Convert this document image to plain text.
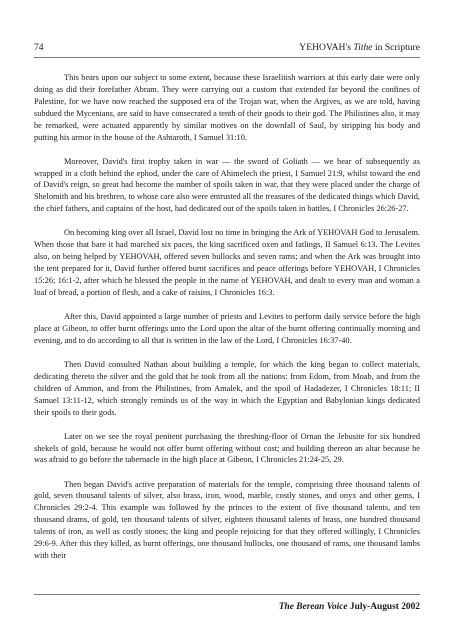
74	YEHOVAH's Tithe in Scripture

This bears upon our subject to some extent, because these Israelitish warriors at this early date were only doing as did their forefather Abram. They were carrying out a custom that extended far beyond the confines of Palestine, for we have now reached the supposed era of the Trojan war, when the Argives, as we are told, having subdued the Mycenians, are said to have consecrated a tenth of their goods to their god. The Philistines also, it may be remarked, were actuated apparently by similar motives on the downfall of Saul, by stripping his body and putting his armor in the house of the Ashtaroth, I Samuel 31:10.

Moreover, David's first trophy taken in war — the sword of Goliath — we hear of subsequently as wrapped in a cloth behind the ephod, under the care of Ahimelech the priest, I Samuel 21:9, whilst toward the end of David's reign, so great had become the number of spoils taken in war, that they were placed under the charge of Shelomith and his brethren, to whose care also were entrusted all the treasures of the dedicated things which David, the chief fathers, and captains of the host, had dedicated out of the spoils taken in battles, I Chronicles 26:26-27.

On becoming king over all Israel, David lost no time in bringing the Ark of YEHOVAH God to Jerusalem. When those that bare it had marched six paces, the king sacrificed oxen and fatlings, II Samuel 6:13. The Levites also, on being helped by YEHOVAH, offered seven bullocks and seven rams; and when the Ark was brought into the tent prepared for it, David further offered burnt sacrifices and peace offerings before YEHOVAH, I Chronicles 15:26; 16:1-2, after which he blessed the people in the name of YEHOVAH, and dealt to every man and woman a loaf of bread, a portion of flesh, and a cake of raisins, I Chronicles 16:3.

After this, David appointed a large number of priests and Levites to perform daily service before the high place at Gibeon, to offer burnt offerings unto the Lord upon the altar of the burnt offering continually morning and evening, and to do according to all that is written in the law of the Lord, I Chronicles 16:37-40.

Then David consulted Nathan about building a temple, for which the king began to collect materials, dedicating thereto the silver and the gold that he took from all the nations: from Edom, from Moab, and from the children of Ammon, and from the Philistines, from Amalek, and the spoil of Hadadezer, I Chronicles 18:11; II Samuel 13:11-12, which strongly reminds us of the way in which the Egyptian and Babylonian kings dedicated their spoils to their gods.

Later on we see the royal penitent purchasing the threshing-floor of Ornan the Jebusite for six hundred shekels of gold, because he would not offer burnt offering without cost; and building thereon an altar because he was afraid to go before the tabernacle in the high place at Gibeon, I Chronicles 21:24-25, 29.

Then began David's active preparation of materials for the temple, comprising three thousand talents of gold, seven thousand talents of silver, also brass, iron, wood, marble, costly stones, and onyx and other gems, I Chronicles 29:2-4. This example was followed by the princes to the extent of five thousand talents, and ten thousand drams, of gold, ten thousand talents of silver, eighteen thousand talents of brass, one hundred thousand talents of iron, as well as costly stones; the king and people rejoicing for that they offered willingly, I Chronicles 29:6-9. After this they killed, as burnt offerings, one thousand bullocks, one thousand of rams, one thousand lambs with their

The Berean Voice July-August 2002
